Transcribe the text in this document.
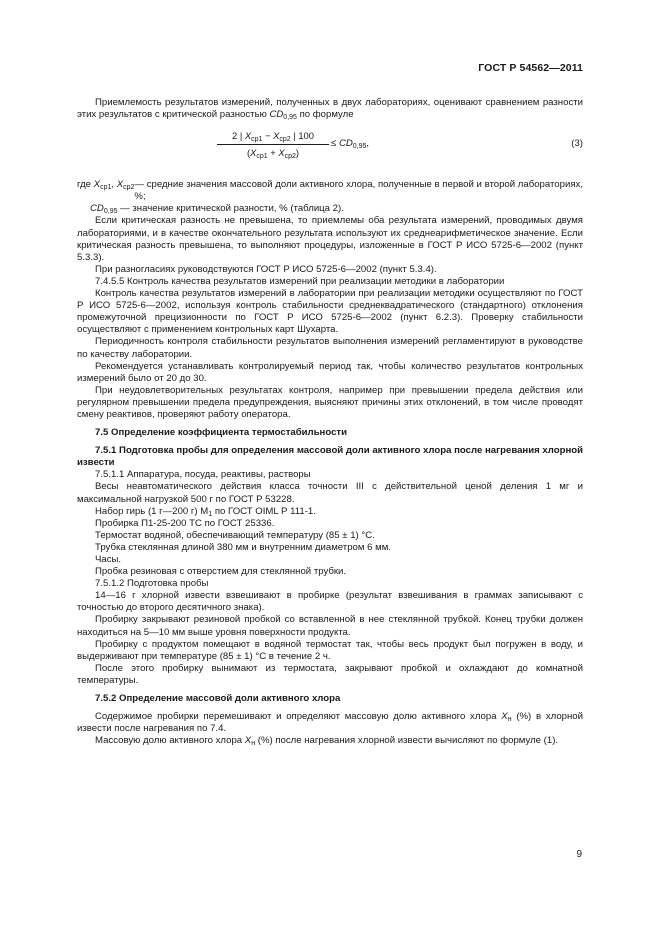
ГОСТ Р 54562—2011

Приемлемость результатов измерений, полученных в двух лабораториях, оценивают сравнением разности этих результатов с критической разностью $CD_{0,95}$ по формуле

2 | $X_{ср1} - X_{ср2}$ | 100
$(X_{ср1} + X_{ср2})$
≤ $CD_{0,95}$,	(3)
где $X_{ср1}$, $X_{ср2}$ — средние значения массовой доли активного хлора, полученные в первой и второй лабораториях, %;
$CD_{0,95}$ — значение критической разности, % (таблица 2).

Если критическая разность не превышена, то приемлемы оба результата измерений, проводимых двумя лабораториями, и в качестве окончательного результата используют их среднеарифметическое значение. Если критическая разность превышена, то выполняют процедуры, изложенные в ГОСТ Р ИСО 5725-6—2002 (пункт 5.3.3).

При разногласиях руководствуются ГОСТ Р ИСО 5725-6—2002 (пункт 5.3.4).

7.4.5.5 Контроль качества результатов измерений при реализации методики в лаборатории

Контроль качества результатов измерений в лаборатории при реализации методики осуществляют по ГОСТ Р ИСО 5725-6—2002, используя контроль стабильности среднеквадратического (стандартного) отклонения промежуточной прецизионности по ГОСТ Р ИСО 5725-6—2002 (пункт 6.2.3). Проверку стабильности осуществляют с применением контрольных карт Шухарта.

Периодичность контроля стабильности результатов выполнения измерений регламентируют в руководстве по качеству лаборатории.

Рекомендуется устанавливать контролируемый период так, чтобы количество результатов контрольных измерений было от 20 до 30.

При неудовлетворительных результатах контроля, например при превышении предела действия или регулярном превышении предела предупреждения, выясняют причины этих отклонений, в том числе проводят смену реактивов, проверяют работу оператора.

7.5 Определение коэффициента термостабильности

7.5.1 Подготовка пробы для определения массовой доли активного хлора после нагревания хлорной извести

7.5.1.1 Аппаратура, посуда, реактивы, растворы

Весы неавтоматического действия класса точности III с действительной ценой деления 1 мг и максимальной нагрузкой 500 г по ГОСТ Р 53228.

Набор гирь (1 г—200 г) $М_1$ по ГОСТ OIML Р 111-1.

Пробирка П1-25-200 ТС по ГОСТ 25336.

Термостат водяной, обеспечивающий температуру (85 ± 1) °С.

Трубка стеклянная длиной 380 мм и внутренним диаметром 6 мм.

Часы.

Пробка резиновая с отверстием для стеклянной трубки.

7.5.1.2 Подготовка пробы

14—16 г хлорной извести взвешивают в пробирке (результат взвешивания в граммах записывают с точностью до второго десятичного знака).

Пробирку закрывают резиновой пробкой со вставленной в нее стеклянной трубкой. Конец трубки должен находиться на 5—10 мм выше уровня поверхности продукта.

Пробирку с продуктом помещают в водяной термостат так, чтобы весь продукт был погружен в воду, и выдерживают при температуре (85 ± 1) °С в течение 2 ч.

После этого пробирку вынимают из термостата, закрывают пробкой и охлаждают до комнатной температуры.

7.5.2 Определение массовой доли активного хлора

Содержимое пробирки перемешивают и определяют массовую долю активного хлора $X_н$ (%) в хлорной извести после нагревания по 7.4.

Массовую долю активного хлора $X_н$ (%) после нагревания хлорной извести вычисляют по формуле (1).

9
